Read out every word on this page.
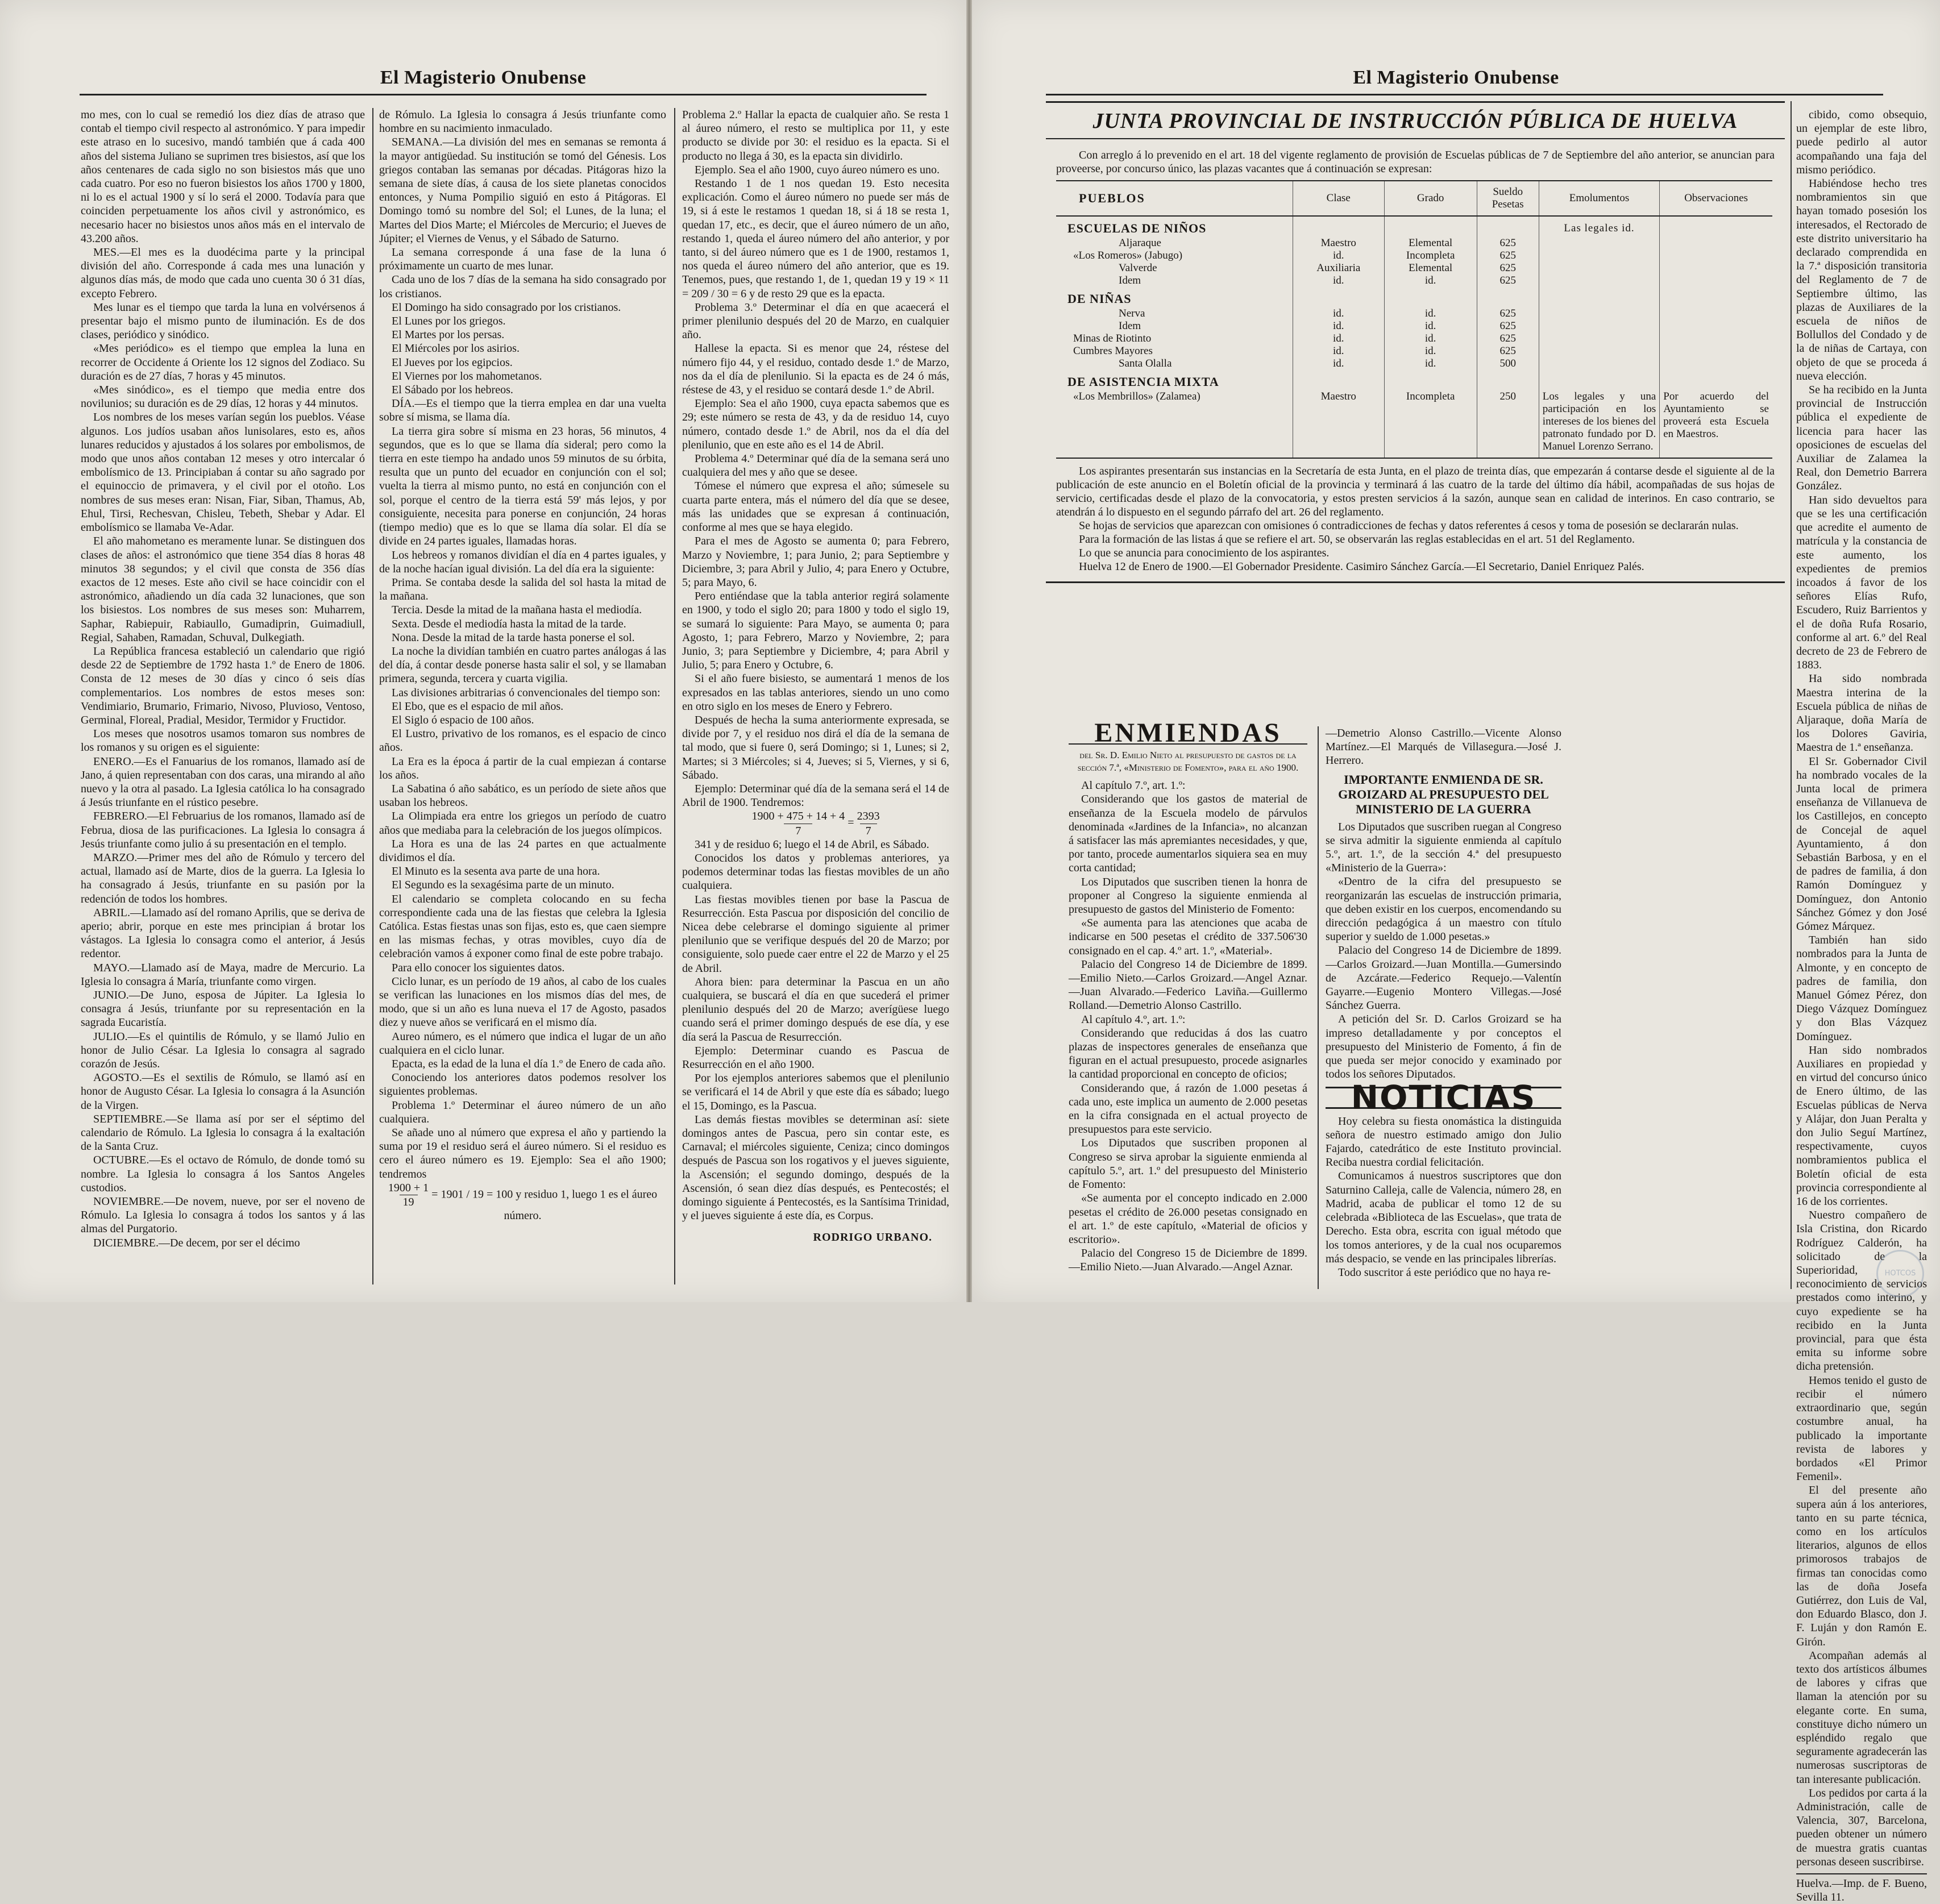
El Magisterio Onubense

mo mes, con lo cual se remedió los diez días de atraso que contab el tiempo civil respecto al astronómico. Y para impedir este atraso en lo sucesivo, mandó también que á cada 400 años del sistema Juliano se suprimen tres bisiestos, así que los años centenares de cada siglo no son bisiestos más que uno cada cuatro. Por eso no fueron bisiestos los años 1700 y 1800, ni lo es el actual 1900 y sí lo será el 2000. Todavía para que coinciden perpetuamente los años civil y astronómico, es necesario hacer no bisiestos unos años más en el intervalo de 43.200 años.

MES.—El mes es la duodécima parte y la principal división del año. Corresponde á cada mes una lunación y algunos días más, de modo que cada uno cuenta 30 ó 31 días, excepto Febrero.

Mes lunar es el tiempo que tarda la luna en volvérsenos á presentar bajo el mismo punto de iluminación. Es de dos clases, periódico y sinódico.

«Mes periódico» es el tiempo que emplea la luna en recorrer de Occidente á Oriente los 12 signos del Zodiaco. Su duración es de 27 días, 7 horas y 45 minutos.

«Mes sinódico», es el tiempo que media entre dos novilunios; su duración es de 29 días, 12 horas y 44 minutos.

Los nombres de los meses varían según los pueblos. Véase algunos. Los judíos usaban años lunisolares, esto es, años lunares reducidos y ajustados á los solares por embolismos, de modo que unos años contaban 12 meses y otro intercalar ó embolísmico de 13. Principiaban á contar su año sagrado por el equinoccio de primavera, y el civil por el otoño. Los nombres de sus meses eran: Nisan, Fiar, Siban, Thamus, Ab, Ehul, Tirsi, Rechesvan, Chisleu, Tebeth, Shebar y Adar. El embolísmico se llamaba Ve-Adar.

El año mahometano es meramente lunar. Se distinguen dos clases de años: el astronómico que tiene 354 días 8 horas 48 minutos 38 segundos; y el civil que consta de 356 días exactos de 12 meses. Este año civil se hace coincidir con el astronómico, añadiendo un día cada 32 lunaciones, que son los bisiestos. Los nombres de sus meses son: Muharrem, Saphar, Rabiepuir, Rabiaullo, Gumadiprin, Guimadiull, Regial, Sahaben, Ramadan, Schuval, Dulkegiath.

La República francesa estableció un calendario que rigió desde 22 de Septiembre de 1792 hasta 1.º de Enero de 1806. Consta de 12 meses de 30 días y cinco ó seis días complementarios. Los nombres de estos meses son: Vendimiario, Brumario, Frimario, Nivoso, Pluvioso, Ventoso, Germinal, Floreal, Pradial, Mesidor, Termidor y Fructidor.

Los meses que nosotros usamos tomaron sus nombres de los romanos y su origen es el siguiente:

ENERO.—Es el Fanuarius de los romanos, llamado así de Jano, á quien representaban con dos caras, una mirando al año nuevo y la otra al pasado. La Iglesia católica lo ha consagrado á Jesús triunfante en el rústico pesebre.

FEBRERO.—El Februarius de los romanos, llamado así de Februa, diosa de las purificaciones. La Iglesia lo consagra á Jesús triunfante como julio á su presentación en el templo.

MARZO.—Primer mes del año de Rómulo y tercero del actual, llamado así de Marte, dios de la guerra. La Iglesia lo ha consagrado á Jesús, triunfante en su pasión por la redención de todos los hombres.

ABRIL.—Llamado así del romano Aprilis, que se deriva de aperio; abrir, porque en este mes principian á brotar los vástagos. La Iglesia lo consagra como el anterior, á Jesús redentor.

MAYO.—Llamado así de Maya, madre de Mercurio. La Iglesia lo consagra á María, triunfante como virgen.

JUNIO.—De Juno, esposa de Júpiter. La Iglesia lo consagra á Jesús, triunfante por su representación en la sagrada Eucaristía.

JULIO.—Es el quintilis de Rómulo, y se llamó Julio en honor de Julio César. La Iglesia lo consagra al sagrado corazón de Jesús.

AGOSTO.—Es el sextilis de Rómulo, se llamó así en honor de Augusto César. La Iglesia lo consagra á la Asunción de la Virgen.

SEPTIEMBRE.—Se llama así por ser el séptimo del calendario de Rómulo. La Iglesia lo consagra á la exaltación de la Santa Cruz.

OCTUBRE.—Es el octavo de Rómulo, de donde tomó su nombre. La Iglesia lo consagra á los Santos Angeles custodios.

NOVIEMBRE.—De novem, nueve, por ser el noveno de Rómulo. La Iglesia lo consagra á todos los santos y á las almas del Purgatorio.

DICIEMBRE.—De decem, por ser el décimo

de Rómulo. La Iglesia lo consagra á Jesús triunfante como hombre en su nacimiento inmaculado.

SEMANA.—La división del mes en semanas se remonta á la mayor antigüedad. Su institución se tomó del Génesis. Los griegos contaban las semanas por décadas. Pitágoras hizo la semana de siete días, á causa de los siete planetas conocidos entonces, y Numa Pompilio siguió en esto á Pitágoras. El Domingo tomó su nombre del Sol; el Lunes, de la luna; el Martes del Dios Marte; el Miércoles de Mercurio; el Jueves de Júpiter; el Viernes de Venus, y el Sábado de Saturno.

La semana corresponde á una fase de la luna ó próximamente un cuarto de mes lunar.

Cada uno de los 7 días de la semana ha sido consagrado por los cristianos.

El Domingo ha sido consagrado por los cristianos.

El Lunes por los griegos.

El Martes por los persas.

El Miércoles por los asirios.

El Jueves por los egipcios.

El Viernes por los mahometanos.

El Sábado por los hebreos.

DÍA.—Es el tiempo que la tierra emplea en dar una vuelta sobre sí misma, se llama día.

La tierra gira sobre sí misma en 23 horas, 56 minutos, 4 segundos, que es lo que se llama día sideral; pero como la tierra en este tiempo ha andado unos 59 minutos de su órbita, resulta que un punto del ecuador en conjunción con el sol; vuelta la tierra al mismo punto, no está en conjunción con el sol, porque el centro de la tierra está 59' más lejos, y por consiguiente, necesita para ponerse en conjunción, 24 horas (tiempo medio) que es lo que se llama día solar. El día se divide en 24 partes iguales, llamadas horas.

Los hebreos y romanos dividían el día en 4 partes iguales, y de la noche hacían igual división. La del día era la siguiente:

Prima. Se contaba desde la salida del sol hasta la mitad de la mañana.

Tercia. Desde la mitad de la mañana hasta el mediodía.

Sexta. Desde el mediodía hasta la mitad de la tarde.

Nona. Desde la mitad de la tarde hasta ponerse el sol.

La noche la dividían también en cuatro partes análogas á las del día, á contar desde ponerse hasta salir el sol, y se llamaban primera, segunda, tercera y cuarta vigilia.

Las divisiones arbitrarias ó convencionales del tiempo son:

El Ebo, que es el espacio de mil años.

El Siglo ó espacio de 100 años.

El Lustro, privativo de los romanos, es el espacio de cinco años.

La Era es la época á partir de la cual empiezan á contarse los años.

La Sabatina ó año sabático, es un período de siete años que usaban los hebreos.

La Olimpiada era entre los griegos un período de cuatro años que mediaba para la celebración de los juegos olímpicos.

La Hora es una de las 24 partes en que actualmente dividimos el día.

El Minuto es la sesenta ava parte de una hora.

El Segundo es la sexagésima parte de un minuto.

El calendario se completa colocando en su fecha correspondiente cada una de las fiestas que celebra la Iglesia Católica. Estas fiestas unas son fijas, esto es, que caen siempre en las mismas fechas, y otras movibles, cuyo día de celebración vamos á exponer como final de este pobre trabajo.

Para ello conocer los siguientes datos.

Ciclo lunar, es un período de 19 años, al cabo de los cuales se verifican las lunaciones en los mismos días del mes, de modo, que si un año es luna nueva el 17 de Agosto, pasados diez y nueve años se verificará en el mismo día.

Aureo número, es el número que indica el lugar de un año cualquiera en el ciclo lunar.

Epacta, es la edad de la luna el día 1.º de Enero de cada año.

Conociendo los anteriores datos podemos resolver los siguientes problemas.

Problema 1.º Determinar el áureo número de un año cualquiera.

Se añade uno al número que expresa el año y partiendo la suma por 19 el residuo será el áureo número. Si el residuo es cero el áureo número es 19. Ejemplo: Sea el año 1900; tendremos

$\frac{1900 + 1}{19} = 1901 / 19 = 100$ y residuo 1, luego 1 es el áureo número.

Problema 2.º Hallar la epacta de cualquier año. Se resta 1 al áureo número, el resto se multiplica por 11, y este producto se divide por 30: el residuo es la epacta. Si el producto no llega á 30, es la epacta sin dividirlo.

Ejemplo. Sea el año 1900, cuyo áureo número es uno.

Restando 1 de 1 nos quedan 19. Esto necesita explicación. Como el áureo número no puede ser más de 19, si á este le restamos 1 quedan 18, si á 18 se resta 1, quedan 17, etc., es decir, que el áureo número de un año, restando 1, queda el áureo número del año anterior, y por tanto, si del áureo número que es 1 de 1900, restamos 1, nos queda el áureo número del año anterior, que es 19. Tenemos, pues, que restando 1, de 1, quedan 19 y 19 × 11 = 209 / 30 = 6 y de resto 29 que es la epacta.

Problema 3.º Determinar el día en que acaecerá el primer plenilunio después del 20 de Marzo, en cualquier año.

Hallese la epacta. Si es menor que 24, réstese del número fijo 44, y el residuo, contado desde 1.º de Marzo, nos da el día de plenilunio. Si la epacta es de 24 ó más, réstese de 43, y el residuo se contará desde 1.º de Abril.

Ejemplo: Sea el año 1900, cuya epacta sabemos que es 29; este número se resta de 43, y da de residuo 14, cuyo número, contado desde 1.º de Abril, nos da el día del plenilunio, que en este año es el 14 de Abril.

Problema 4.º Determinar qué día de la semana será uno cualquiera del mes y año que se desee.

Tómese el número que expresa el año; súmesele su cuarta parte entera, más el número del día que se desee, más las unidades que se expresan á continuación, conforme al mes que se haya elegido.

Para el mes de Agosto se aumenta 0; para Febrero, Marzo y Noviembre, 1; para Junio, 2; para Septiembre y Diciembre, 3; para Abril y Julio, 4; para Enero y Octubre, 5; para Mayo, 6.

Pero entiéndase que la tabla anterior regirá solamente en 1900, y todo el siglo 20; para 1800 y todo el siglo 19, se sumará lo siguiente: Para Mayo, se aumenta 0; para Agosto, 1; para Febrero, Marzo y Noviembre, 2; para Junio, 3; para Septiembre y Diciembre, 4; para Abril y Julio, 5; para Enero y Octubre, 6.

Si el año fuere bisiesto, se aumentará 1 menos de los expresados en las tablas anteriores, siendo un uno como en otro siglo en los meses de Enero y Febrero.

Después de hecha la suma anteriormente expresada, se divide por 7, y el residuo nos dirá el día de la semana de tal modo, que si fuere 0, será Domingo; si 1, Lunes; si 2, Martes; si 3 Miércoles; si 4, Jueves; si 5, Viernes, y si 6, Sábado.

Ejemplo: Determinar qué día de la semana será el 14 de Abril de 1900. Tendremos:

$\frac{1900 + 475 + 14 + 4}{7} = \frac{2393}{7}$

341 y de residuo 6; luego el 14 de Abril, es Sábado.

Conocidos los datos y problemas anteriores, ya podemos determinar todas las fiestas movibles de un año cualquiera.

Las fiestas movibles tienen por base la Pascua de Resurrección. Esta Pascua por disposición del concilio de Nicea debe celebrarse el domingo siguiente al primer plenilunio que se verifique después del 20 de Marzo; por consiguiente, solo puede caer entre el 22 de Marzo y el 25 de Abril.

Ahora bien: para determinar la Pascua en un año cualquiera, se buscará el día en que sucederá el primer plenilunio después del 20 de Marzo; averígüese luego cuando será el primer domingo después de ese día, y ese día será la Pascua de Resurrección.

Ejemplo: Determinar cuando es Pascua de Resurrección en el año 1900.

Por los ejemplos anteriores sabemos que el plenilunio se verificará el 14 de Abril y que este día es sábado; luego el 15, Domingo, es la Pascua.

Las demás fiestas movibles se determinan así: siete domingos antes de Pascua, pero sin contar este, es Carnaval; el miércoles siguiente, Ceniza; cinco domingos después de Pascua son los rogativos y el jueves siguiente, la Ascensión; el segundo domingo, después de la Ascensión, ó sean diez días después, es Pentecostés; el domingo siguiente á Pentecostés, es la Santísima Trinidad, y el jueves siguiente á este día, es Corpus.

RODRIGO URBANO.
El Magisterio Onubense
JUNTA PROVINCIAL DE INSTRUCCIÓN PÚBLICA DE HUELVA

Con arreglo á lo prevenido en el art. 18 del vigente reglamento de provisión de Escuelas públicas de 7 de Septiembre del año anterior, se anuncian para proveerse, por concurso único, las plazas vacantes que á continuación se expresan:

PUEBLOS	Clase	Grado	Sueldo Pesetas	Emolumentos	Observaciones
ESCUELAS DE NIÑOS				Las legales id.	
Aljaraque	Maestro	Elemental	625		
«Los Romeros» (Jabugo)	id.	Incompleta	625		
Valverde	Auxiliaria	Elemental	625		
Idem	id.	id.	625		
DE NIÑAS					
Nerva	id.	id.	625		
Idem	id.	id.	625		
Minas de Riotinto	id.	id.	625		
Cumbres Mayores	id.	id.	625		
Santa Olalla	id.	id.	500		
DE ASISTENCIA MIXTA					
«Los Membrillos» (Zalamea)	Maestro	Incompleta	250	Los legales y una participación en los intereses de los bienes del patronato fundado por D. Manuel Lorenzo Serrano.	Por acuerdo del Ayuntamiento se proveerá esta Escuela en Maestros.

Los aspirantes presentarán sus instancias en la Secretaría de esta Junta, en el plazo de treinta días, que empezarán á contarse desde el siguiente al de la publicación de este anuncio en el Boletín oficial de la provincia y terminará á las cuatro de la tarde del último día hábil, acompañadas de sus hojas de servicio, certificadas desde el plazo de la convocatoria, y estos presten servicios á la sazón, aunque sean en calidad de interinos. En caso contrario, se atendrán á lo dispuesto en el segundo párrafo del art. 26 del reglamento.

Se hojas de servicios que aparezcan con omisiones ó contradicciones de fechas y datos referentes á cesos y toma de posesión se declararán nulas.

Para la formación de las listas á que se refiere el art. 50, se observarán las reglas establecidas en el art. 51 del Reglamento.

Lo que se anuncia para conocimiento de los aspirantes.

Huelva 12 de Enero de 1900.—El Gobernador Presidente. Casimiro Sánchez García.—El Secretario, Daniel Enriquez Palés.

cibido, como obsequio, un ejemplar de este libro, puede pedirlo al autor acompañando una faja del mismo periódico.

Habiéndose hecho tres nombramientos sin que hayan tomado posesión los interesados, el Rectorado de este distrito universitario ha declarado comprendida en la 7.ª disposición transitoria del Reglamento de 7 de Septiembre último, las plazas de Auxiliares de la escuela de niños de Bollullos del Condado y de la de niñas de Cartaya, con objeto de que se proceda á nueva elección.

Se ha recibido en la Junta provincial de Instrucción pública el expediente de licencia para hacer las oposiciones de escuelas del Auxiliar de Zalamea la Real, don Demetrio Barrera González.

Han sido devueltos para que se les una certificación que acredite el aumento de matrícula y la constancia de este aumento, los expedientes de premios incoados á favor de los señores Elías Rufo, Escudero, Ruiz Barrientos y el de doña Rufa Rosario, conforme al art. 6.º del Real decreto de 23 de Febrero de 1883.

Ha sido nombrada Maestra interina de la Escuela pública de niñas de Aljaraque, doña María de los Dolores Gaviria, Maestra de 1.ª enseñanza.

El Sr. Gobernador Civil ha nombrado vocales de la Junta local de primera enseñanza de Villanueva de los Castillejos, en concepto de Concejal de aquel Ayuntamiento, á don Sebastián Barbosa, y en el de padres de familia, á don Ramón Domínguez y Domínguez, don Antonio Sánchez Gómez y don José Gómez Márquez.

También han sido nombrados para la Junta de Almonte, y en concepto de padres de familia, don Manuel Gómez Pérez, don Diego Vázquez Domínguez y don Blas Vázquez Domínguez.

Han sido nombrados Auxiliares en propiedad y en virtud del concurso único de Enero último, de las Escuelas públicas de Nerva y Alájar, don Juan Peralta y don Julio Seguí Martínez, respectivamente, cuyos nombramientos publica el Boletín oficial de esta provincia correspondiente al 16 de los corrientes.

Nuestro compañero de Isla Cristina, don Ricardo Rodríguez Calderón, ha solicitado de la Superioridad, reconocimiento de servicios prestados como interino, y cuyo expediente se ha recibido en la Junta provincial, para que ésta emita su informe sobre dicha pretensión.

Hemos tenido el gusto de recibir el número extraordinario que, según costumbre anual, ha publicado la importante revista de labores y bordados «El Primor Femenil».

El del presente año supera aún á los anteriores, tanto en su parte técnica, como en los artículos literarios, algunos de ellos primorosos trabajos de firmas tan conocidas como las de doña Josefa Gutiérrez, don Luis de Val, don Eduardo Blasco, don J. F. Luján y don Ramón E. Girón.

Acompañan además al texto dos artísticos álbumes de labores y cifras que llaman la atención por su elegante corte. En suma, constituye dicho número un espléndido regalo que seguramente agradecerán las numerosas suscriptoras de tan interesante publicación.

Los pedidos por carta á la Administración, calle de Valencia, 307, Barcelona, pueden obtener un número de muestra gratis cuantas personas deseen suscribirse.

Huelva.—Imp. de F. Bueno, Sevilla 11.
ENMIENDAS
del Sr. D. Emilio Nieto al presupuesto de gastos de la sección 7.ª, «Ministerio de Fomento», para el año 1900.

Al capítulo 7.º, art. 1.º:

Considerando que los gastos de material de enseñanza de la Escuela modelo de párvulos denominada «Jardines de la Infancia», no alcanzan á satisfacer las más apremiantes necesidades, y que, por tanto, procede aumentarlos siquiera sea en muy corta cantidad;

Los Diputados que suscriben tienen la honra de proponer al Congreso la siguiente enmienda al presupuesto de gastos del Ministerio de Fomento:

«Se aumenta para las atenciones que acaba de indicarse en 500 pesetas el crédito de 337.506'30 consignado en el cap. 4.º art. 1.º, «Material».

Palacio del Congreso 14 de Diciembre de 1899. —Emilio Nieto.—Carlos Groizard.—Angel Aznar.—Juan Alvarado.—Federico Laviña.—Guillermo Rolland.—Demetrio Alonso Castrillo.

Al capítulo 4.º, art. 1.º:

Considerando que reducidas á dos las cuatro plazas de inspectores generales de enseñanza que figuran en el actual presupuesto, procede asignarles la cantidad proporcional en concepto de oficios;

Considerando que, á razón de 1.000 pesetas á cada uno, este implica un aumento de 2.000 pesetas en la cifra consignada en el actual proyecto de presupuestos para este servicio.

Los Diputados que suscriben proponen al Congreso se sirva aprobar la siguiente enmienda al capítulo 5.º, art. 1.º del presupuesto del Ministerio de Fomento:

«Se aumenta por el concepto indicado en 2.000 pesetas el crédito de 26.000 pesetas consignado en el art. 1.º de este capítulo, «Material de oficios y escritorio».

Palacio del Congreso 15 de Diciembre de 1899. —Emilio Nieto.—Juan Alvarado.—Angel Aznar.

—Demetrio Alonso Castrillo.—Vicente Alonso Martínez.—El Marqués de Villasegura.—José J. Herrero.

IMPORTANTE ENMIENDA DE SR. GROIZARD AL PRESUPUESTO DEL MINISTERIO DE LA GUERRA

Los Diputados que suscriben ruegan al Congreso se sirva admitir la siguiente enmienda al capítulo 5.º, art. 1.º, de la sección 4.ª del presupuesto «Ministerio de la Guerra»:

«Dentro de la cifra del presupuesto se reorganizarán las escuelas de instrucción primaria, que deben existir en los cuerpos, encomendando su dirección pedagógica á un maestro con título superior y sueldo de 1.000 pesetas.»

Palacio del Congreso 14 de Diciembre de 1899. —Carlos Groizard.—Juan Montilla.—Gumersindo de Azcárate.—Federico Requejo.—Valentín Gayarre.—Eugenio Montero Villegas.—José Sánchez Guerra.

A petición del Sr. D. Carlos Groizard se ha impreso detalladamente y por conceptos el presupuesto del Ministerio de Fomento, á fin de que pueda ser mejor conocido y examinado por todos los señores Diputados.

NOTICIAS

Hoy celebra su fiesta onomástica la distinguida señora de nuestro estimado amigo don Julio Fajardo, catedrático de este Instituto provincial. Reciba nuestra cordial felicitación.

Comunicamos á nuestros suscriptores que don Saturnino Calleja, calle de Valencia, número 28, en Madrid, acaba de publicar el tomo 12 de su celebrada «Biblioteca de las Escuelas», que trata de Derecho. Esta obra, escrita con igual método que los tomos anteriores, y de la cual nos ocuparemos más despacio, se vende en las principales librerías.

Todo suscritor á este periódico que no haya re-	HOTCOS
